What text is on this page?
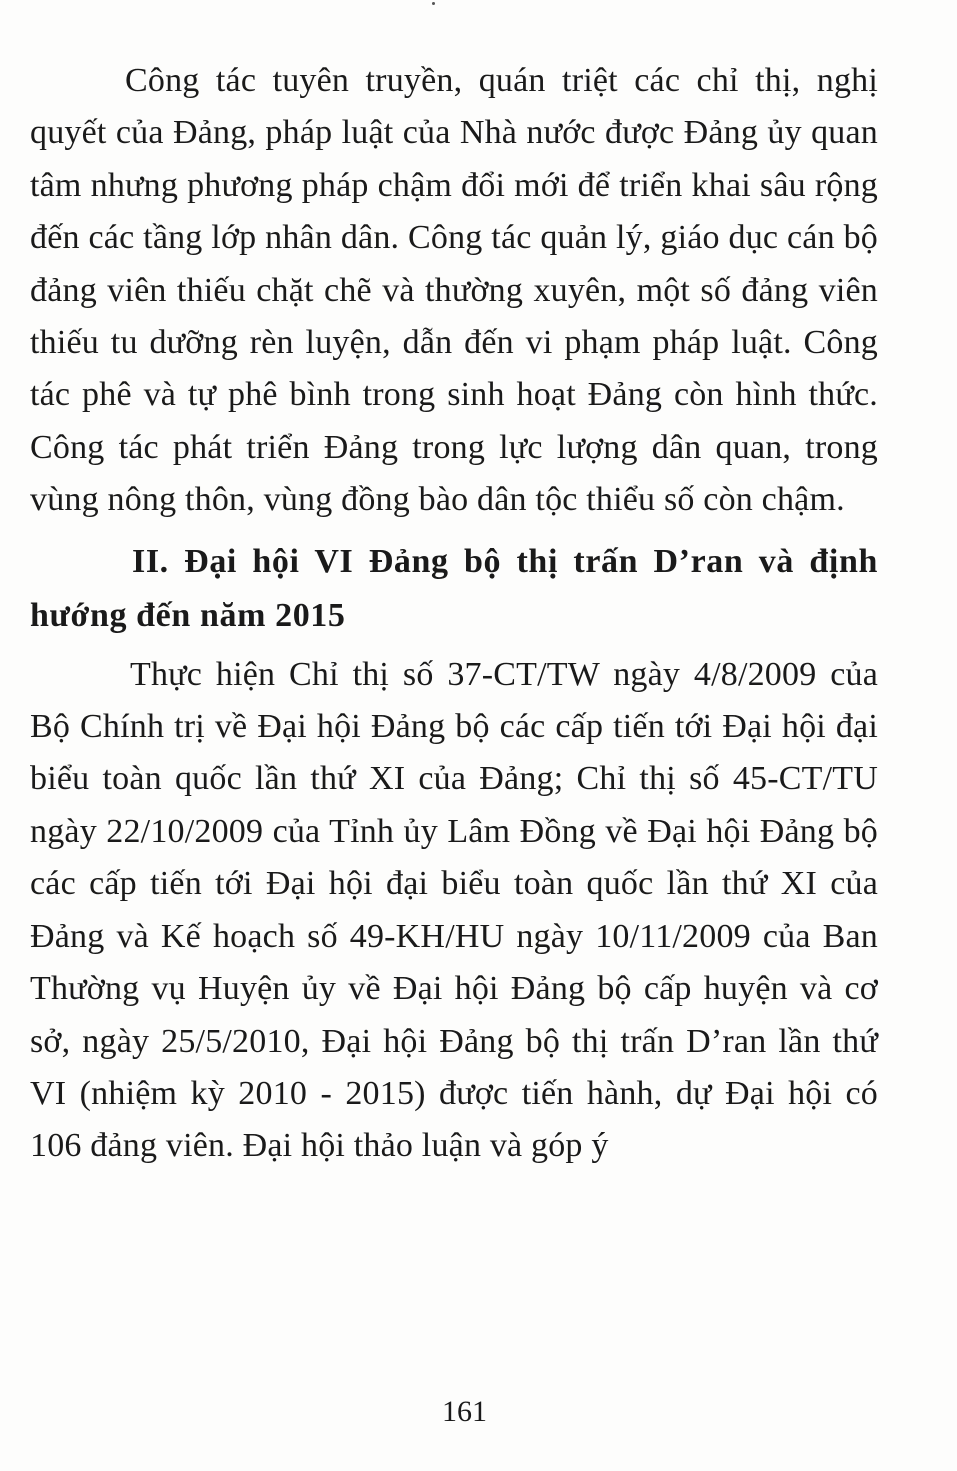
Công tác tuyên truyền, quán triệt các chỉ thị, nghị quyết của Đảng, pháp luật của Nhà nước được Đảng ủy quan tâm nhưng phương pháp chậm đổi mới để triển khai sâu rộng đến các tầng lớp nhân dân. Công tác quản lý, giáo dục cán bộ đảng viên thiếu chặt chẽ và thường xuyên, một số đảng viên thiếu tu dưỡng rèn luyện, dẫn đến vi phạm pháp luật. Công tác phê và tự phê bình trong sinh hoạt Đảng còn hình thức. Công tác phát triển Đảng trong lực lượng dân quan, trong vùng nông thôn, vùng đồng bào dân tộc thiểu số còn chậm.

II. Đại hội VI Đảng bộ thị trấn D’ran và định hướng đến năm 2015

Thực hiện Chỉ thị số 37-CT/TW ngày 4/8/2009 của Bộ Chính trị về Đại hội Đảng bộ các cấp tiến tới Đại hội đại biểu toàn quốc lần thứ XI của Đảng; Chỉ thị số 45-CT/TU ngày 22/10/2009 của Tỉnh ủy Lâm Đồng về Đại hội Đảng bộ các cấp tiến tới Đại hội đại biểu toàn quốc lần thứ XI của Đảng và Kế hoạch số 49-KH/HU ngày 10/11/2009 của Ban Thường vụ Huyện ủy về Đại hội Đảng bộ cấp huyện và cơ sở, ngày 25/5/2010, Đại hội Đảng bộ thị trấn D’ran lần thứ VI (nhiệm kỳ 2010 - 2015) được tiến hành, dự Đại hội có 106 đảng viên. Đại hội thảo luận và góp ý

161
